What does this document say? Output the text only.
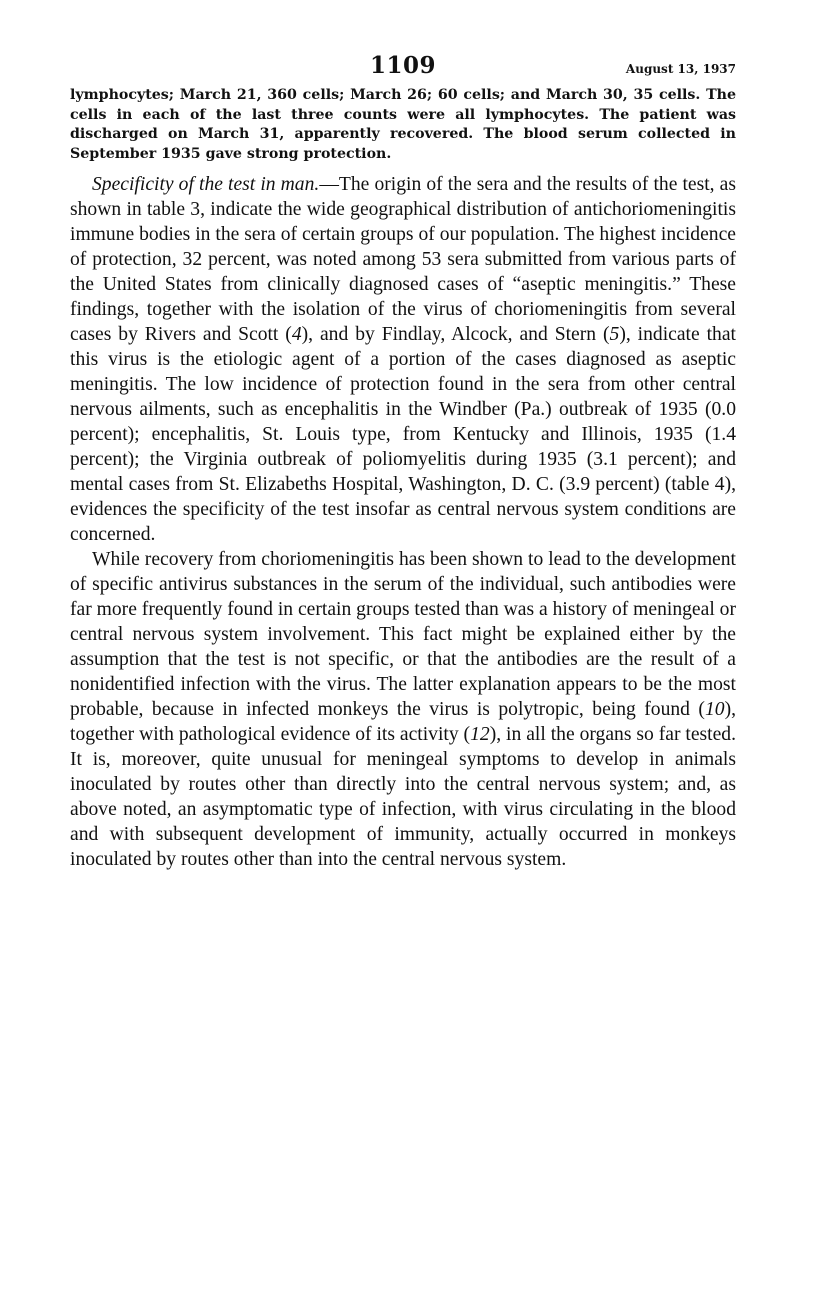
1109	August 13, 1937

lymphocytes; March 21, 360 cells; March 26; 60 cells; and March 30, 35 cells. The cells in each of the last three counts were all lymphocytes. The patient was discharged on March 31, apparently recovered. The blood serum collected in September 1935 gave strong protection.

Specificity of the test in man.—The origin of the sera and the results of the test, as shown in table 3, indicate the wide geographical distribution of antichoriomeningitis immune bodies in the sera of certain groups of our population. The highest incidence of protection, 32 percent, was noted among 53 sera submitted from various parts of the United States from clinically diagnosed cases of “aseptic meningitis.” These findings, together with the isolation of the virus of choriomeningitis from several cases by Rivers and Scott (4), and by Findlay, Alcock, and Stern (5), indicate that this virus is the etiologic agent of a portion of the cases diagnosed as aseptic meningitis. The low incidence of protection found in the sera from other central nervous ailments, such as encephalitis in the Windber (Pa.) outbreak of 1935 (0.0 percent); encephalitis, St. Louis type, from Kentucky and Illinois, 1935 (1.4 percent); the Virginia outbreak of poliomyelitis during 1935 (3.1 percent); and mental cases from St. Elizabeths Hospital, Washington, D. C. (3.9 percent) (table 4), evidences the specificity of the test insofar as central nervous system conditions are concerned.

While recovery from choriomeningitis has been shown to lead to the development of specific antivirus substances in the serum of the individual, such antibodies were far more frequently found in certain groups tested than was a history of meningeal or central nervous system involvement. This fact might be explained either by the assumption that the test is not specific, or that the antibodies are the result of a nonidentified infection with the virus. The latter explanation appears to be the most probable, because in infected monkeys the virus is polytropic, being found (10), together with pathological evidence of its activity (12), in all the organs so far tested. It is, moreover, quite unusual for meningeal symptoms to develop in animals inoculated by routes other than directly into the central nervous system; and, as above noted, an asymptomatic type of infection, with virus circulating in the blood and with subsequent development of immunity, actually occurred in monkeys inoculated by routes other than into the central nervous system.
